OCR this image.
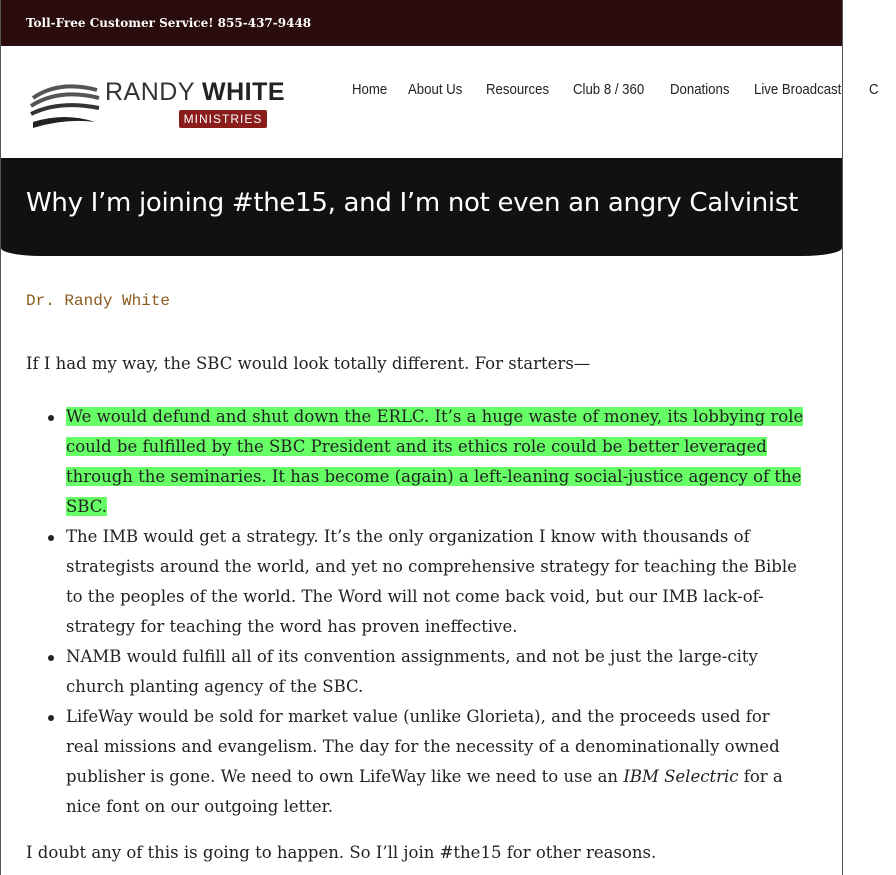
Toll-Free Customer Service! 855-437-9448
RANDY WHITE
MINISTRIES
Home About Us Resources Club 8 / 360 Donations Live Broadcast C
Why I’m joining #the15, and I’m not even an angry Calvinist
Dr. Randy White

If I had my way, the SBC would look totally different. For starters—

We would defund and shut down the ERLC. It’s a huge waste of money, its lobbying role could be fulfilled by the SBC President and its ethics role could be better leveraged through the seminaries. It has become (again) a left-leaning social-justice agency of the SBC.
The IMB would get a strategy. It’s the only organization I know with thousands of strategists around the world, and yet no comprehensive strategy for teaching the Bible to the peoples of the world. The Word will not come back void, but our IMB lack-of-strategy for teaching the word has proven ineffective.
NAMB would fulfill all of its convention assignments, and not be just the large-city church planting agency of the SBC.
LifeWay would be sold for market value (unlike Glorieta), and the proceeds used for real missions and evangelism. The day for the necessity of a denominationally owned publisher is gone. We need to own LifeWay like we need to use an IBM Selectric for a nice font on our outgoing letter.

I doubt any of this is going to happen. So I’ll join #the15 for other reasons.
